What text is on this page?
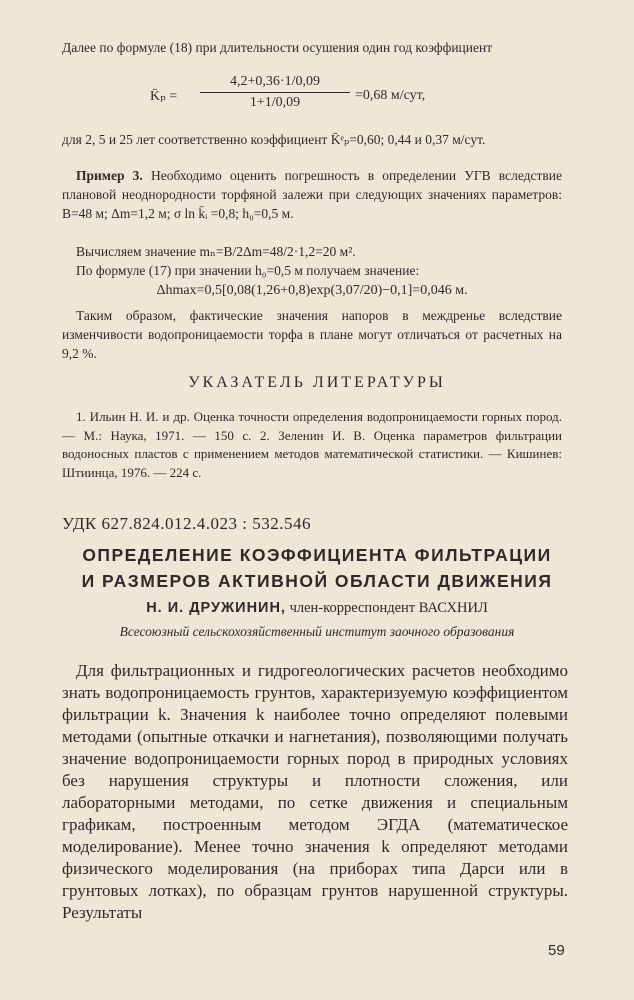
Далее по формуле (18) при длительности осушения один год коэффициент
K̄ₚ = $\frac{4,2+0,36\cdot 1/0,09}{1+1/0,09} =0,68$ м/сут,
для 2, 5 и 25 лет соответственно коэффициент K̄ᵉₚ=0,60; 0,44 и 0,37 м/сут.
Пример 3. Необходимо оценить погрешность в определении УГВ вследствие плановой неоднородности торфяной залежи при следующих значениях параметров: B=48 м; Δm=1,2 м; σ ln k̄ᵢ =0,8; h₀=0,5 м.
Вычисляем значение mₙ=B/2Δm=48/2·1,2=20 м².
По формуле (17) при значении h₀=0,5 м получаем значение:
Δhmax=0,5[0,08(1,26+0,8)exp(3,07/20)−0,1]=0,046 м.
Таким образом, фактические значения напоров в междренье вследствие изменчивости водопроницаемости торфа в плане могут отличаться от расчетных на 9,2 %.
УКАЗАТЕЛЬ ЛИТЕРАТУРЫ
1. Ильин Н. И. и др. Оценка точности определения водопроницаемости горных пород. — М.: Наука, 1971. — 150 с. 2. Зеленин И. В. Оценка параметров фильтрации водоносных пластов с применением методов математической статистики. — Кишинев: Штиинца, 1976. — 224 с.
УДК 627.824.012.4.023 : 532.546
ОПРЕДЕЛЕНИЕ КОЭФФИЦИЕНТА ФИЛЬТРАЦИИ
И РАЗМЕРОВ АКТИВНОЙ ОБЛАСТИ ДВИЖЕНИЯ
Н. И. ДРУЖИНИН, член-корреспондент ВАСХНИЛ
Всесоюзный сельскохозяйственный институт заочного образования
Для фильтрационных и гидрогеологических расчетов необходимо знать водопроницаемость грунтов, характеризуемую коэффициентом фильтрации k. Значения k наиболее точно определяют полевыми методами (опытные откачки и нагнетания), позволяющими получать значение водопроницаемости горных пород в природных условиях без нарушения структуры и плотности сложения, или лабораторными методами, по сетке движения и специальным графикам, построенным методом ЭГДА (математическое моделирование). Менее точно значения k определяют методами физического моделирования (на приборах типа Дарси или в грунтовых лотках), по образцам грунтов нарушенной структуры. Результаты
59
